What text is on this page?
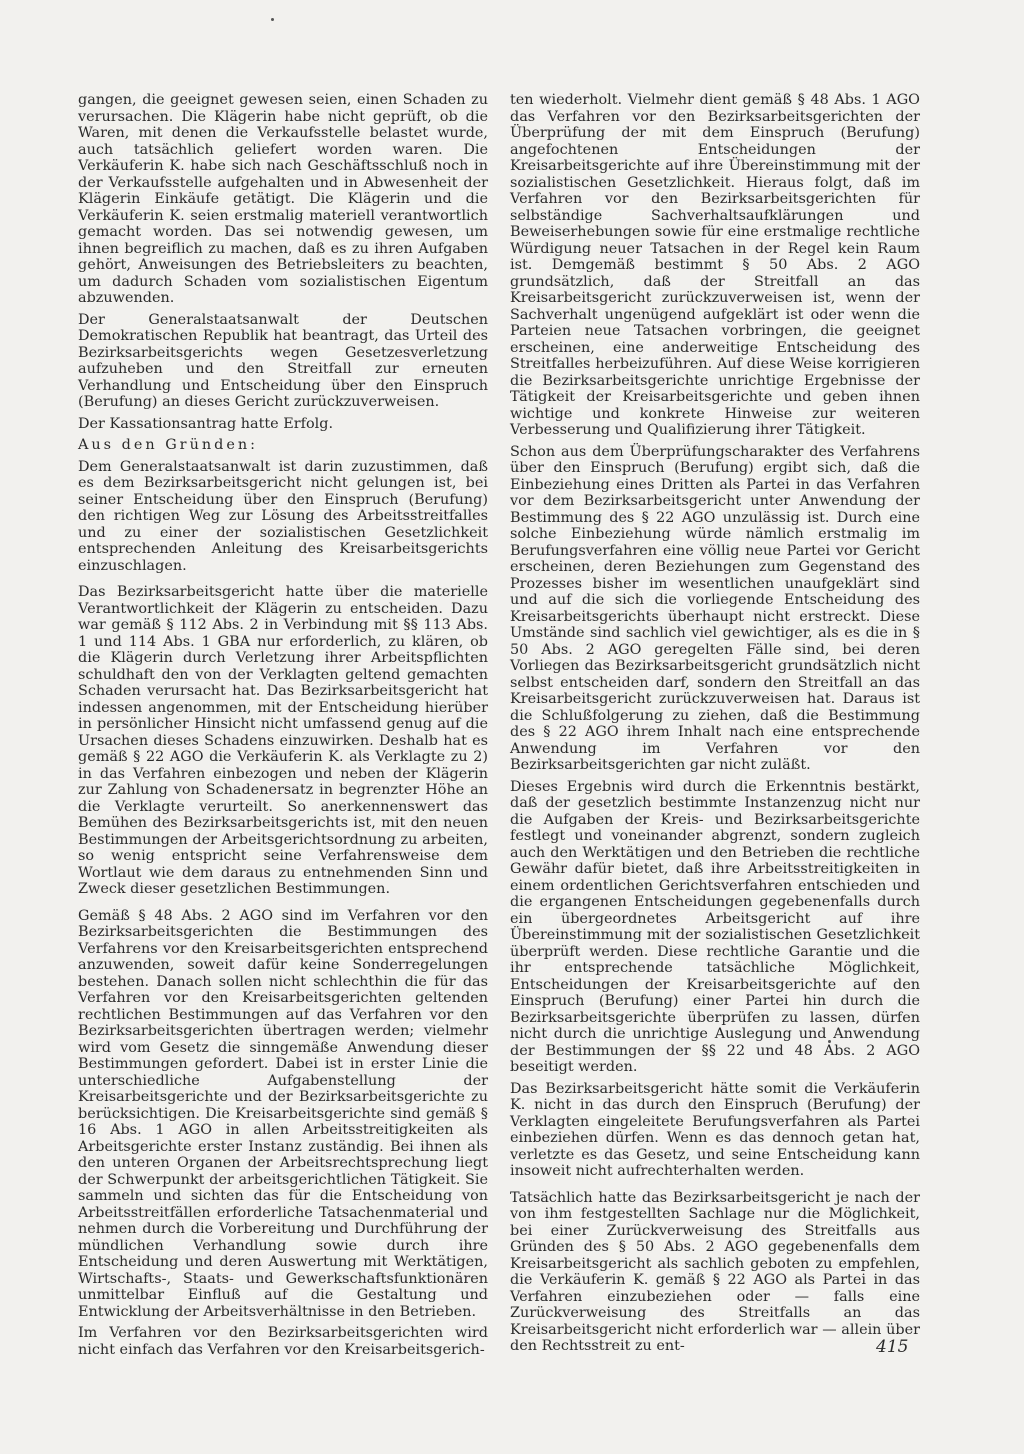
gangen, die geeignet gewesen seien, einen Schaden zu verursachen. Die Klägerin habe nicht geprüft, ob die Waren, mit denen die Verkaufsstelle belastet wurde, auch tatsächlich geliefert worden waren. Die Verkäuferin K. habe sich nach Geschäftsschluß noch in der Verkaufsstelle aufgehalten und in Abwesenheit der Klägerin Einkäufe getätigt. Die Klägerin und die Verkäuferin K. seien erstmalig materiell verantwortlich gemacht worden. Das sei notwendig gewesen, um ihnen begreiflich zu machen, daß es zu ihren Aufgaben gehört, Anweisungen des Betriebsleiters zu beachten, um dadurch Schaden vom sozialistischen Eigentum abzuwenden.

Der Generalstaatsanwalt der Deutschen Demokratischen Republik hat beantragt, das Urteil des Bezirksarbeitsgerichts wegen Gesetzesverletzung aufzuheben und den Streitfall zur erneuten Verhandlung und Entscheidung über den Einspruch (Berufung) an dieses Gericht zurückzuverweisen.

Der Kassationsantrag hatte Erfolg.

Aus den Gründen:

Dem Generalstaatsanwalt ist darin zuzustimmen, daß es dem Bezirksarbeitsgericht nicht gelungen ist, bei seiner Entscheidung über den Einspruch (Berufung) den richtigen Weg zur Lösung des Arbeitsstreitfalles und zu einer der sozialistischen Gesetzlichkeit entsprechenden Anleitung des Kreisarbeitsgerichts einzuschlagen.

Das Bezirksarbeitsgericht hatte über die materielle Verantwortlichkeit der Klägerin zu entscheiden. Dazu war gemäß § 112 Abs. 2 in Verbindung mit §§ 113 Abs. 1 und 114 Abs. 1 GBA nur erforderlich, zu klären, ob die Klägerin durch Verletzung ihrer Arbeitspflichten schuldhaft den von der Verklagten geltend gemachten Schaden verursacht hat. Das Bezirksarbeitsgericht hat indessen angenommen, mit der Entscheidung hierüber in persönlicher Hinsicht nicht umfassend genug auf die Ursachen dieses Schadens einzuwirken. Deshalb hat es gemäß § 22 AGO die Verkäuferin K. als Verklagte zu 2) in das Verfahren einbezogen und neben der Klägerin zur Zahlung von Schadenersatz in begrenzter Höhe an die Verklagte verurteilt. So anerkennenswert das Bemühen des Bezirksarbeitsgerichts ist, mit den neuen Bestimmungen der Arbeitsgerichtsordnung zu arbeiten, so wenig entspricht seine Verfahrensweise dem Wortlaut wie dem daraus zu entnehmenden Sinn und Zweck dieser gesetzlichen Bestimmungen.

Gemäß § 48 Abs. 2 AGO sind im Verfahren vor den Bezirksarbeitsgerichten die Bestimmungen des Verfahrens vor den Kreisarbeitsgerichten entsprechend anzuwenden, soweit dafür keine Sonderregelungen bestehen. Danach sollen nicht schlechthin die für das Verfahren vor den Kreisarbeitsgerichten geltenden rechtlichen Bestimmungen auf das Verfahren vor den Bezirksarbeitsgerichten übertragen werden; vielmehr wird vom Gesetz die sinngemäße Anwendung dieser Bestimmungen gefordert. Dabei ist in erster Linie die unterschiedliche Aufgabenstellung der Kreisarbeitsgerichte und der Bezirksarbeitsgerichte zu berücksichtigen. Die Kreisarbeitsgerichte sind gemäß § 16 Abs. 1 AGO in allen Arbeitsstreitigkeiten als Arbeitsgerichte erster Instanz zuständig. Bei ihnen als den unteren Organen der Arbeitsrechtsprechung liegt der Schwerpunkt der arbeitsgerichtlichen Tätigkeit. Sie sammeln und sichten das für die Entscheidung von Arbeitsstreitfällen erforderliche Tatsachenmaterial und nehmen durch die Vorbereitung und Durchführung der mündlichen Verhandlung sowie durch ihre Entscheidung und deren Auswertung mit Werktätigen, Wirtschafts-, Staats- und Gewerkschaftsfunktionären unmittelbar Einfluß auf die Gestaltung und Entwicklung der Arbeitsverhältnisse in den Betrieben.

Im Verfahren vor den Bezirksarbeitsgerichten wird nicht einfach das Verfahren vor den Kreisarbeitsgerich-

ten wiederholt. Vielmehr dient gemäß § 48 Abs. 1 AGO das Verfahren vor den Bezirksarbeitsgerichten der Überprüfung der mit dem Einspruch (Berufung) angefochtenen Entscheidungen der Kreisarbeitsgerichte auf ihre Übereinstimmung mit der sozialistischen Gesetzlichkeit. Hieraus folgt, daß im Verfahren vor den Bezirksarbeitsgerichten für selbständige Sachverhaltsaufklärungen und Beweiserhebungen sowie für eine erstmalige rechtliche Würdigung neuer Tatsachen in der Regel kein Raum ist. Demgemäß bestimmt § 50 Abs. 2 AGO grundsätzlich, daß der Streitfall an das Kreisarbeitsgericht zurückzuverweisen ist, wenn der Sachverhalt ungenügend aufgeklärt ist oder wenn die Parteien neue Tatsachen vorbringen, die geeignet erscheinen, eine anderweitige Entscheidung des Streitfalles herbeizuführen. Auf diese Weise korrigieren die Bezirksarbeitsgerichte unrichtige Ergebnisse der Tätigkeit der Kreisarbeitsgerichte und geben ihnen wichtige und konkrete Hinweise zur weiteren Verbesserung und Qualifizierung ihrer Tätigkeit.

Schon aus dem Überprüfungscharakter des Verfahrens über den Einspruch (Berufung) ergibt sich, daß die Einbeziehung eines Dritten als Partei in das Verfahren vor dem Bezirksarbeitsgericht unter Anwendung der Bestimmung des § 22 AGO unzulässig ist. Durch eine solche Einbeziehung würde nämlich erstmalig im Berufungsverfahren eine völlig neue Partei vor Gericht erscheinen, deren Beziehungen zum Gegenstand des Prozesses bisher im wesentlichen unaufgeklärt sind und auf die sich die vorliegende Entscheidung des Kreisarbeitsgerichts überhaupt nicht erstreckt. Diese Umstände sind sachlich viel gewichtiger, als es die in § 50 Abs. 2 AGO geregelten Fälle sind, bei deren Vorliegen das Bezirksarbeitsgericht grundsätzlich nicht selbst entscheiden darf, sondern den Streitfall an das Kreisarbeitsgericht zurückzuverweisen hat. Daraus ist die Schlußfolgerung zu ziehen, daß die Bestimmung des § 22 AGO ihrem Inhalt nach eine entsprechende Anwendung im Verfahren vor den Bezirksarbeitsgerichten gar nicht zuläßt.

Dieses Ergebnis wird durch die Erkenntnis bestärkt, daß der gesetzlich bestimmte Instanzenzug nicht nur die Aufgaben der Kreis- und Bezirksarbeitsgerichte festlegt und voneinander abgrenzt, sondern zugleich auch den Werktätigen und den Betrieben die rechtliche Gewähr dafür bietet, daß ihre Arbeitsstreitigkeiten in einem ordentlichen Gerichtsverfahren entschieden und die ergangenen Entscheidungen gegebenenfalls durch ein übergeordnetes Arbeitsgericht auf ihre Übereinstimmung mit der sozialistischen Gesetzlichkeit überprüft werden. Diese rechtliche Garantie und die ihr entsprechende tatsächliche Möglichkeit, Entscheidungen der Kreisarbeitsgerichte auf den Einspruch (Berufung) einer Partei hin durch die Bezirksarbeitsgerichte überprüfen zu lassen, dürfen nicht durch die unrichtige Auslegung und Anwendung der Bestimmungen der §§ 22 und 48 Abs. 2 AGO beseitigt werden.

Das Bezirksarbeitsgericht hätte somit die Verkäuferin K. nicht in das durch den Einspruch (Berufung) der Verklagten eingeleitete Berufungsverfahren als Partei einbeziehen dürfen. Wenn es das dennoch getan hat, verletzte es das Gesetz, und seine Entscheidung kann insoweit nicht aufrechterhalten werden.

Tatsächlich hatte das Bezirksarbeitsgericht je nach der von ihm festgestellten Sachlage nur die Möglichkeit, bei einer Zurückverweisung des Streitfalls aus Gründen des § 50 Abs. 2 AGO gegebenenfalls dem Kreisarbeitsgericht als sachlich geboten zu empfehlen, die Verkäuferin K. gemäß § 22 AGO als Partei in das Verfahren einzubeziehen oder — falls eine Zurückverweisung des Streitfalls an das Kreisarbeitsgericht nicht erforderlich war — allein über den Rechtsstreit zu ent-	415
